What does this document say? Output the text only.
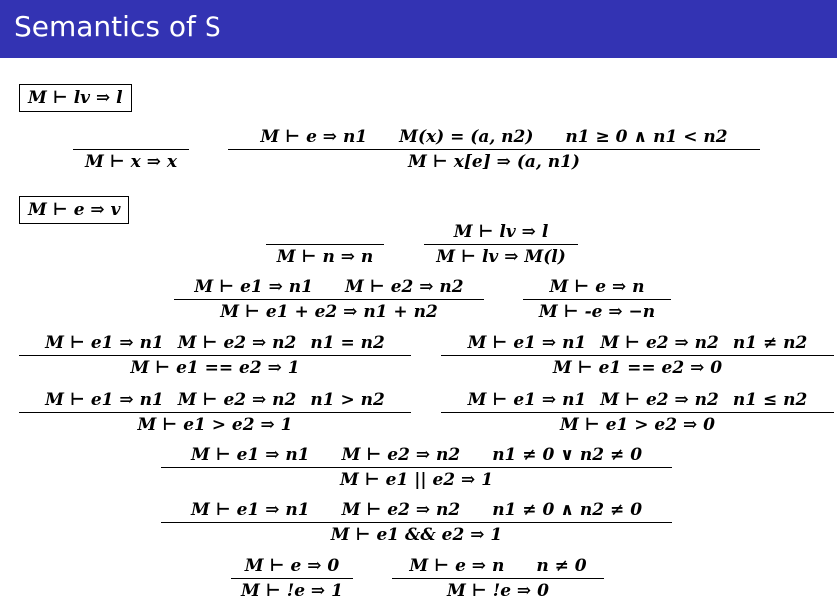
Semantics of S
M ⊢ lv ⇒ l
M ⊢ x ⇒ x
M ⊢ e ⇒ n1 M(x) = (a, n2) n1 ≥ 0 ∧ n1 < n2
M ⊢ x[e] ⇒ (a, n1)
M ⊢ e ⇒ v
M ⊢ n ⇒ n
M ⊢ lv ⇒ l
M ⊢ lv ⇒ M(l)
M ⊢ e1 ⇒ n1 M ⊢ e2 ⇒ n2
M ⊢ e1 + e2 ⇒ n1 + n2
M ⊢ e ⇒ n
M ⊢ -e ⇒ −n
M ⊢ e1 ⇒ n1 M ⊢ e2 ⇒ n2 n1 = n2
M ⊢ e1 == e2 ⇒ 1
M ⊢ e1 ⇒ n1 M ⊢ e2 ⇒ n2 n1 ≠ n2
M ⊢ e1 == e2 ⇒ 0
M ⊢ e1 ⇒ n1 M ⊢ e2 ⇒ n2 n1 > n2
M ⊢ e1 > e2 ⇒ 1
M ⊢ e1 ⇒ n1 M ⊢ e2 ⇒ n2 n1 ≤ n2
M ⊢ e1 > e2 ⇒ 0
M ⊢ e1 ⇒ n1 M ⊢ e2 ⇒ n2 n1 ≠ 0 ∨ n2 ≠ 0
M ⊢ e1 || e2 ⇒ 1
M ⊢ e1 ⇒ n1 M ⊢ e2 ⇒ n2 n1 ≠ 0 ∧ n2 ≠ 0
M ⊢ e1 && e2 ⇒ 1
M ⊢ e ⇒ 0
M ⊢ !e ⇒ 1
M ⊢ e ⇒ n n ≠ 0
M ⊢ !e ⇒ 0
